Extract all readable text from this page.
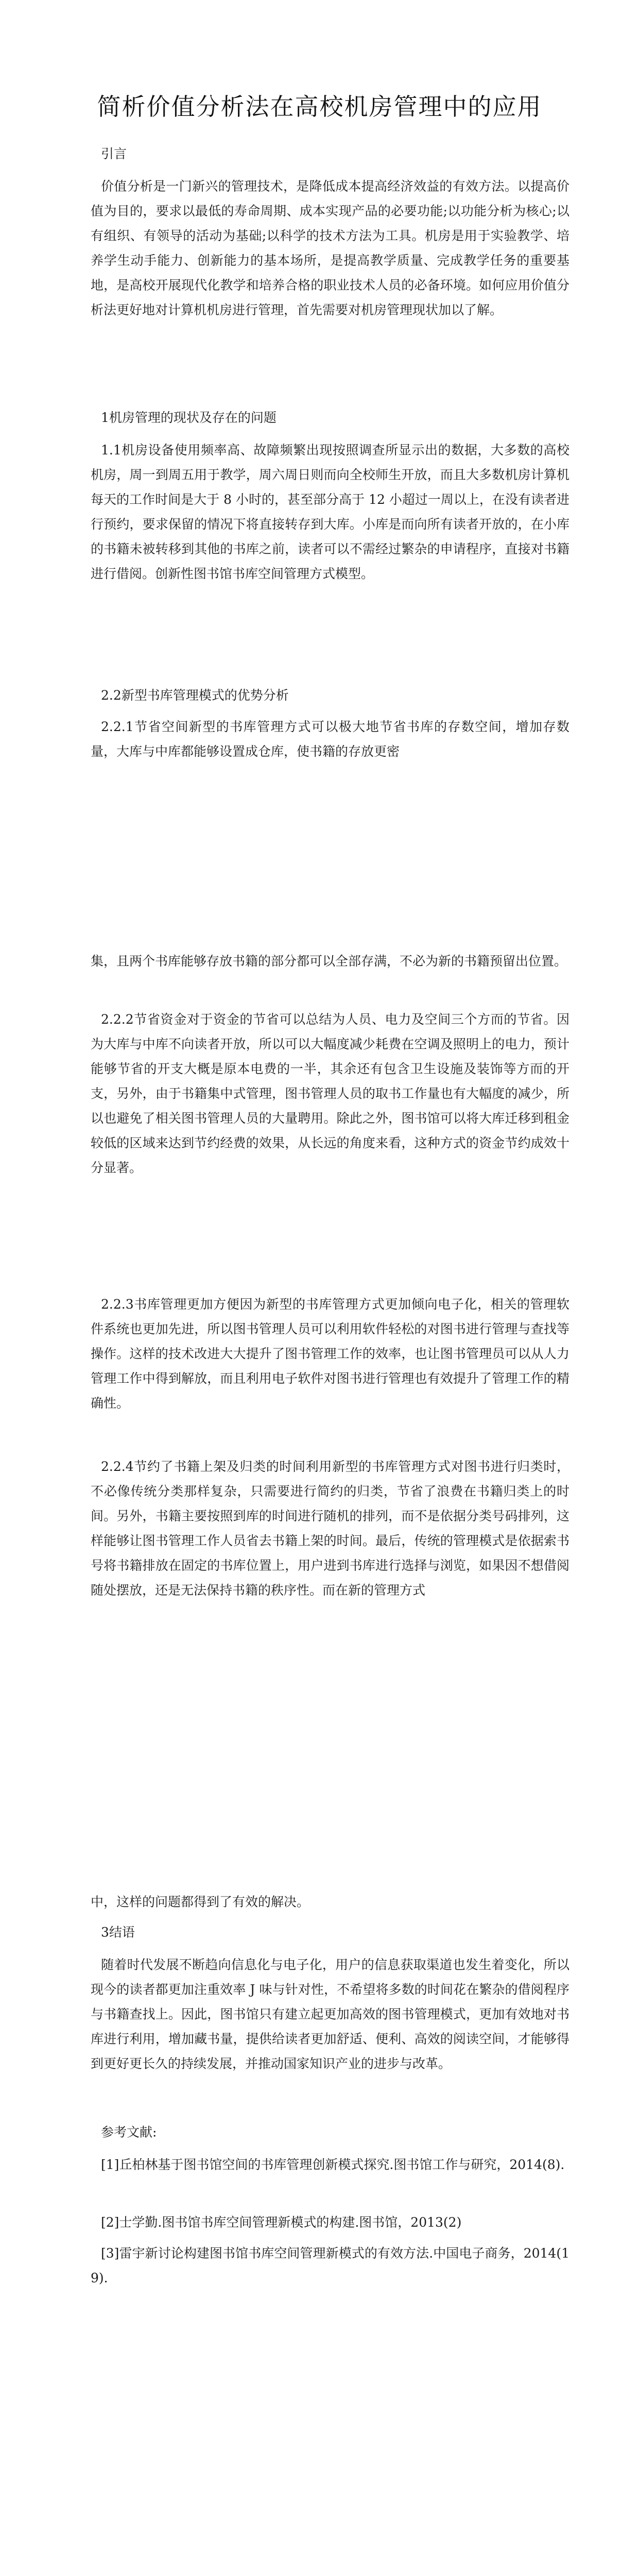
简析价值分析法在高校机房管理中的应用

引言

价值分析是一门新兴的管理技术，是降低成本提高经济效益的有效方法。以提高价值为目的，要求以最低的寿命周期、成本实现产品的必要功能;以功能分析为核心;以有组织、有领导的活动为基础;以科学的技术方法为工具。机房是用于实验教学、培养学生动手能力、创新能力的基本场所，是提高教学质量、完成教学任务的重要基地，是高校开展现代化教学和培养合格的职业技术人员的必备环境。如何应用价值分析法更好地对计算机机房进行管理，首先需要对机房管理现状加以了解。

1机房管理的现状及存在的问题

1.1机房设备使用频率高、故障频繁出现按照调查所显示出的数据，大多数的高校机房，周一到周五用于教学，周六周日则而向全校师生开放，而且大多数机房计算机每天的工作时间是大于 8 小时的，甚至部分高于 12 小超过一周以上，在没有读者进行预约，要求保留的情况下将直接转存到大库。小库是而向所有读者开放的，在小库的书籍未被转移到其他的书库之前，读者可以不需经过繁杂的申请程序，直接对书籍进行借阅。创新性图书馆书库空间管理方式模型。

2.2新型书库管理模式的优势分析

2.2.1节省空间新型的书库管理方式可以极大地节省书库的存数空间，增加存数量，大库与中库都能够设置成仓库，使书籍的存放更密

集，且两个书库能够存放书籍的部分都可以全部存满，不必为新的书籍预留出位置。

2.2.2节省资金对于资金的节省可以总结为人员、电力及空间三个方而的节省。因为大库与中库不向读者开放，所以可以大幅度减少耗费在空调及照明上的电力，预计能够节省的开支大概是原本电费的一半，其余还有包含卫生设施及装饰等方而的开支，另外，由于书籍集中式管理，图书管理人员的取书工作量也有大幅度的减少，所以也避免了相关图书管理人员的大量聘用。除此之外，图书馆可以将大库迁移到租金较低的区域来达到节约经费的效果，从长远的角度来看，这种方式的资金节约成效十分显著。

2.2.3书库管理更加方便因为新型的书库管理方式更加倾向电子化，相关的管理软件系统也更加先进，所以图书管理人员可以利用软件轻松的对图书进行管理与查找等操作。这样的技术改进大大提升了图书管理工作的效率，也让图书管理员可以从人力管理工作中得到解放，而且利用电子软件对图书进行管理也有效提升了管理工作的精确性。

2.2.4节约了书籍上架及归类的时间利用新型的书库管理方式对图书进行归类时，不必像传统分类那样复杂，只需要进行简约的归类，节省了浪费在书籍归类上的时间。另外，书籍主要按照到库的时间进行随机的排列，而不是依据分类号码排列，这样能够让图书管理工作人员省去书籍上架的时间。最后，传统的管理模式是依据索书号将书籍排放在固定的书库位置上，用户进到书库进行选择与浏览，如果因不想借阅随处摆放，还是无法保持书籍的秩序性。而在新的管理方式

中，这样的问题都得到了有效的解决。

3结语

随着时代发展不断趋向信息化与电子化，用户的信息获取渠道也发生着变化，所以现今的读者都更加注重效率 J 味与针对性，不希望将多数的时间花在繁杂的借阅程序与书籍查找上。因此，图书馆只有建立起更加高效的图书管理模式，更加有效地对书库进行利用，增加藏书量，提供给读者更加舒适、便利、高效的阅读空间，才能够得到更好更长久的持续发展，并推动国家知识产业的进步与改革。

参考文献:

[1]丘柏林基于图书馆空间的书库管理创新模式探究.图书馆工作与研究，2014(8).

[2]士学勤.图书馆书库空间管理新模式的构建.图书馆，2013(2)

[3]雷宇新讨论构建图书馆书库空间管理新模式的有效方法.中国电子商务，2014(19).
